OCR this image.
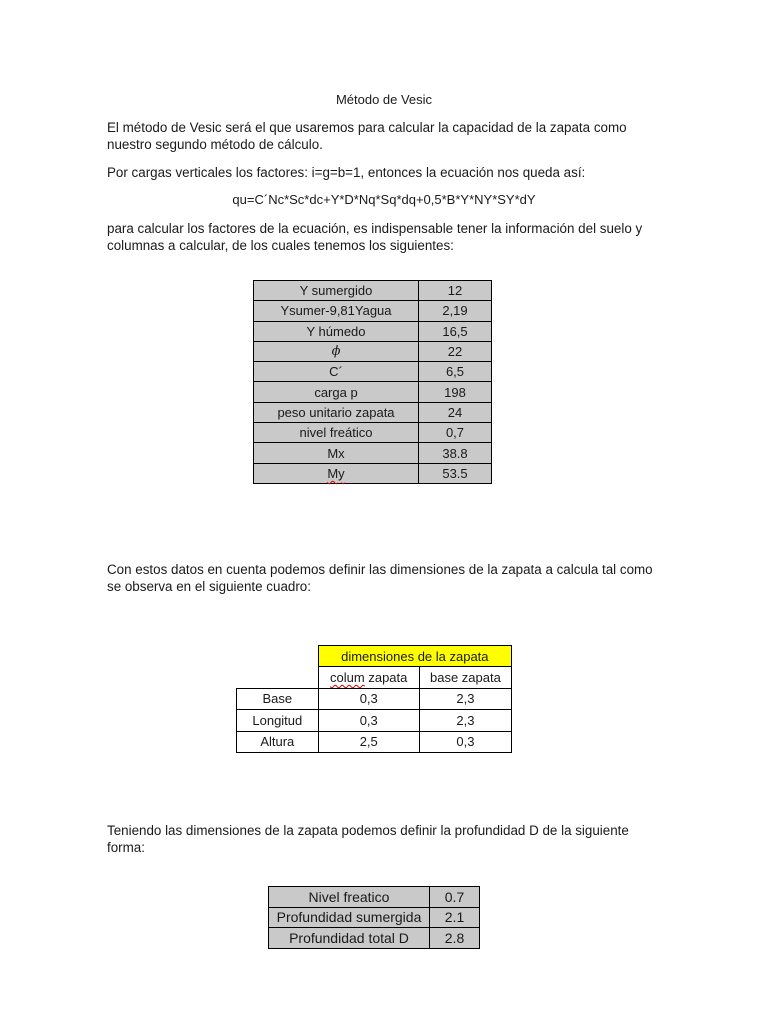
Método de Vesic
El método de Vesic será el que usaremos para calcular la capacidad de la zapata como nuestro segundo método de cálculo.
Por cargas verticales los factores: i=g=b=1, entonces la ecuación nos queda así:
qu=C´Nc*Sc*dc+Y*D*Nq*Sq*dq+0,5*B*Y*NY*SY*dY
para calcular los factores de la ecuación, es indispensable tener la información del suelo y columnas a calcular, de los cuales tenemos los siguientes:
Y sumergido	12
Ysumer-9,81Yagua	2,19
Y húmedo	16,5
ϕ	22
C´	6,5
carga p	198
peso unitario zapata	24
nivel freático	0,7
Mx	38.8
My	53.5
Con estos datos en cuenta podemos definir las dimensiones de la zapata a calcula tal como se observa en el siguiente cuadro:
	dimensiones de la zapata	
	colum zapata	base zapata
Base	0,3	2,3
Longitud	0,3	2,3
Altura	2,5	0,3
Teniendo las dimensiones de la zapata podemos definir la profundidad D de la siguiente forma:
Nivel freatico	0.7
Profundidad sumergida	2.1
Profundidad total D	2.8
